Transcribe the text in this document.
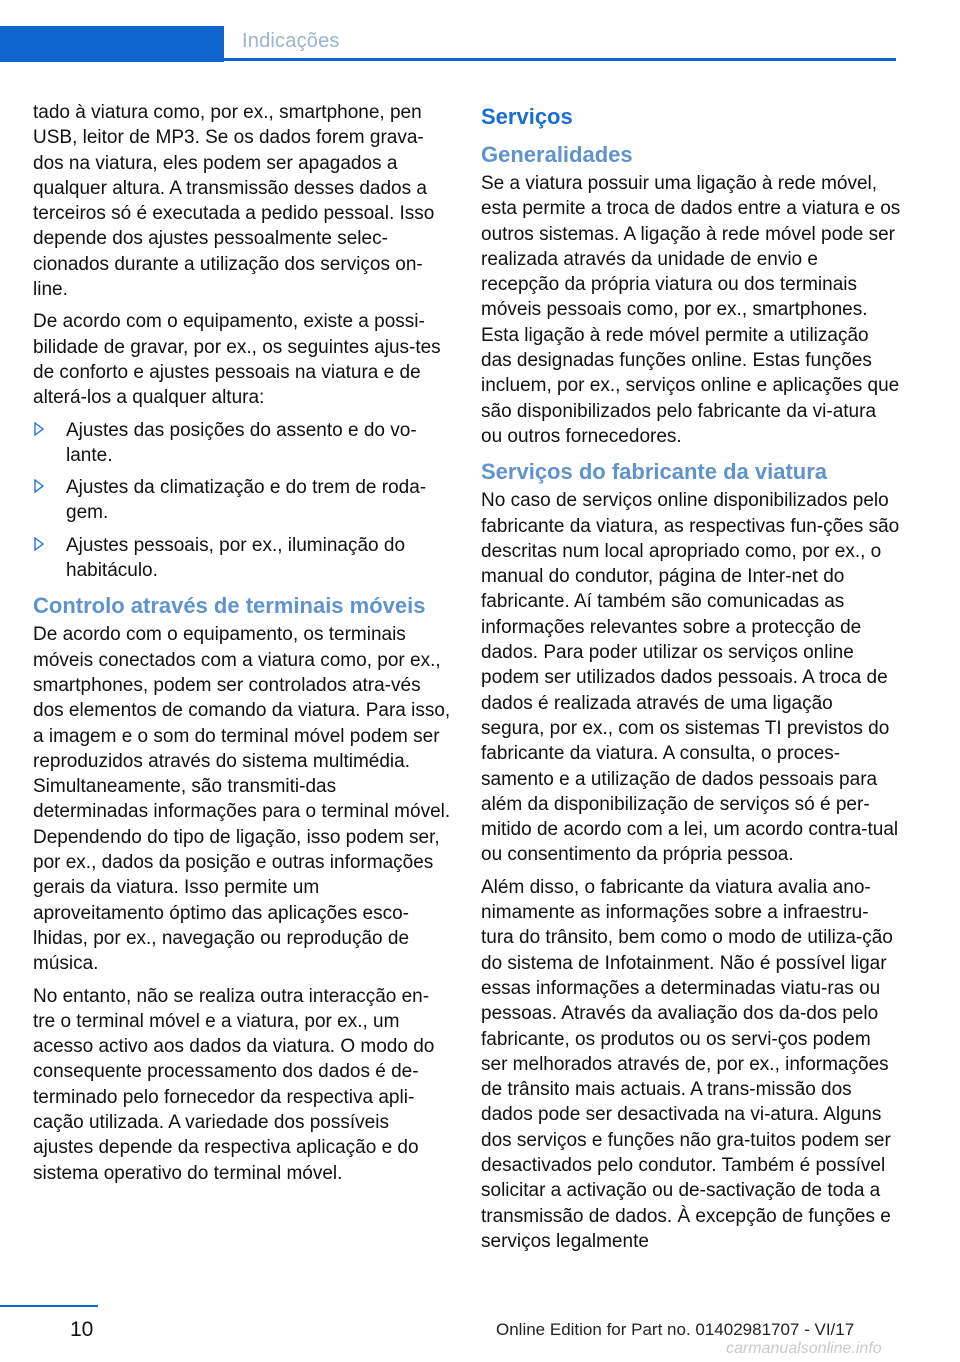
Indicações

tado à viatura como, por ex., smartphone, pen USB, leitor de MP3. Se os dados forem grava-dos na viatura, eles podem ser apagados a qualquer altura. A transmissão desses dados a terceiros só é executada a pedido pessoal. Isso depende dos ajustes pessoalmente selec-cionados durante a utilização dos serviços on-line.

De acordo com o equipamento, existe a possi-bilidade de gravar, por ex., os seguintes ajus-tes de conforto e ajustes pessoais na viatura e de alterá-los a qualquer altura:

Ajustes das posições do assento e do vo-lante.
Ajustes da climatização e do trem de roda-gem.
Ajustes pessoais, por ex., iluminação do habitáculo.
Controlo através de terminais móveis

De acordo com o equipamento, os terminais móveis conectados com a viatura como, por ex., smartphones, podem ser controlados atra-vés dos elementos de comando da viatura. Para isso, a imagem e o som do terminal móvel podem ser reproduzidos através do sistema multimédia. Simultaneamente, são transmiti-das determinadas informações para o terminal móvel. Dependendo do tipo de ligação, isso podem ser, por ex., dados da posição e outras informações gerais da viatura. Isso permite um aproveitamento óptimo das aplicações esco-lhidas, por ex., navegação ou reprodução de música.

No entanto, não se realiza outra interacção en-tre o terminal móvel e a viatura, por ex., um acesso activo aos dados da viatura. O modo do consequente processamento dos dados é de-terminado pelo fornecedor da respectiva apli-cação utilizada. A variedade dos possíveis ajustes depende da respectiva aplicação e do sistema operativo do terminal móvel.

Serviços
Generalidades

Se a viatura possuir uma ligação à rede móvel, esta permite a troca de dados entre a viatura e os outros sistemas. A ligação à rede móvel pode ser realizada através da unidade de envio e recepção da própria viatura ou dos terminais móveis pessoais como, por ex., smartphones. Esta ligação à rede móvel permite a utilização das designadas funções online. Estas funções incluem, por ex., serviços online e aplicações que são disponibilizados pelo fabricante da vi-atura ou outros fornecedores.

Serviços do fabricante da viatura

No caso de serviços online disponibilizados pelo fabricante da viatura, as respectivas fun-ções são descritas num local apropriado como, por ex., o manual do condutor, página de Inter-net do fabricante. Aí também são comunicadas as informações relevantes sobre a protecção de dados. Para poder utilizar os serviços online podem ser utilizados dados pessoais. A troca de dados é realizada através de uma ligação segura, por ex., com os sistemas TI previstos do fabricante da viatura. A consulta, o proces-samento e a utilização de dados pessoais para além da disponibilização de serviços só é per-mitido de acordo com a lei, um acordo contra-tual ou consentimento da própria pessoa.

Além disso, o fabricante da viatura avalia ano-nimamente as informações sobre a infraestru-tura do trânsito, bem como o modo de utiliza-ção do sistema de Infotainment. Não é possível ligar essas informações a determinadas viatu-ras ou pessoas. Através da avaliação dos da-dos pelo fabricante, os produtos ou os servi-ços podem ser melhorados através de, por ex., informações de trânsito mais actuais. A trans-missão dos dados pode ser desactivada na vi-atura. Alguns dos serviços e funções não gra-tuitos podem ser desactivados pelo condutor. Também é possível solicitar a activação ou de-sactivação de toda a transmissão de dados. À excepção de funções e serviços legalmente

10	Online Edition for Part no. 01402981707 - VI/17
carmanualsonline.info
